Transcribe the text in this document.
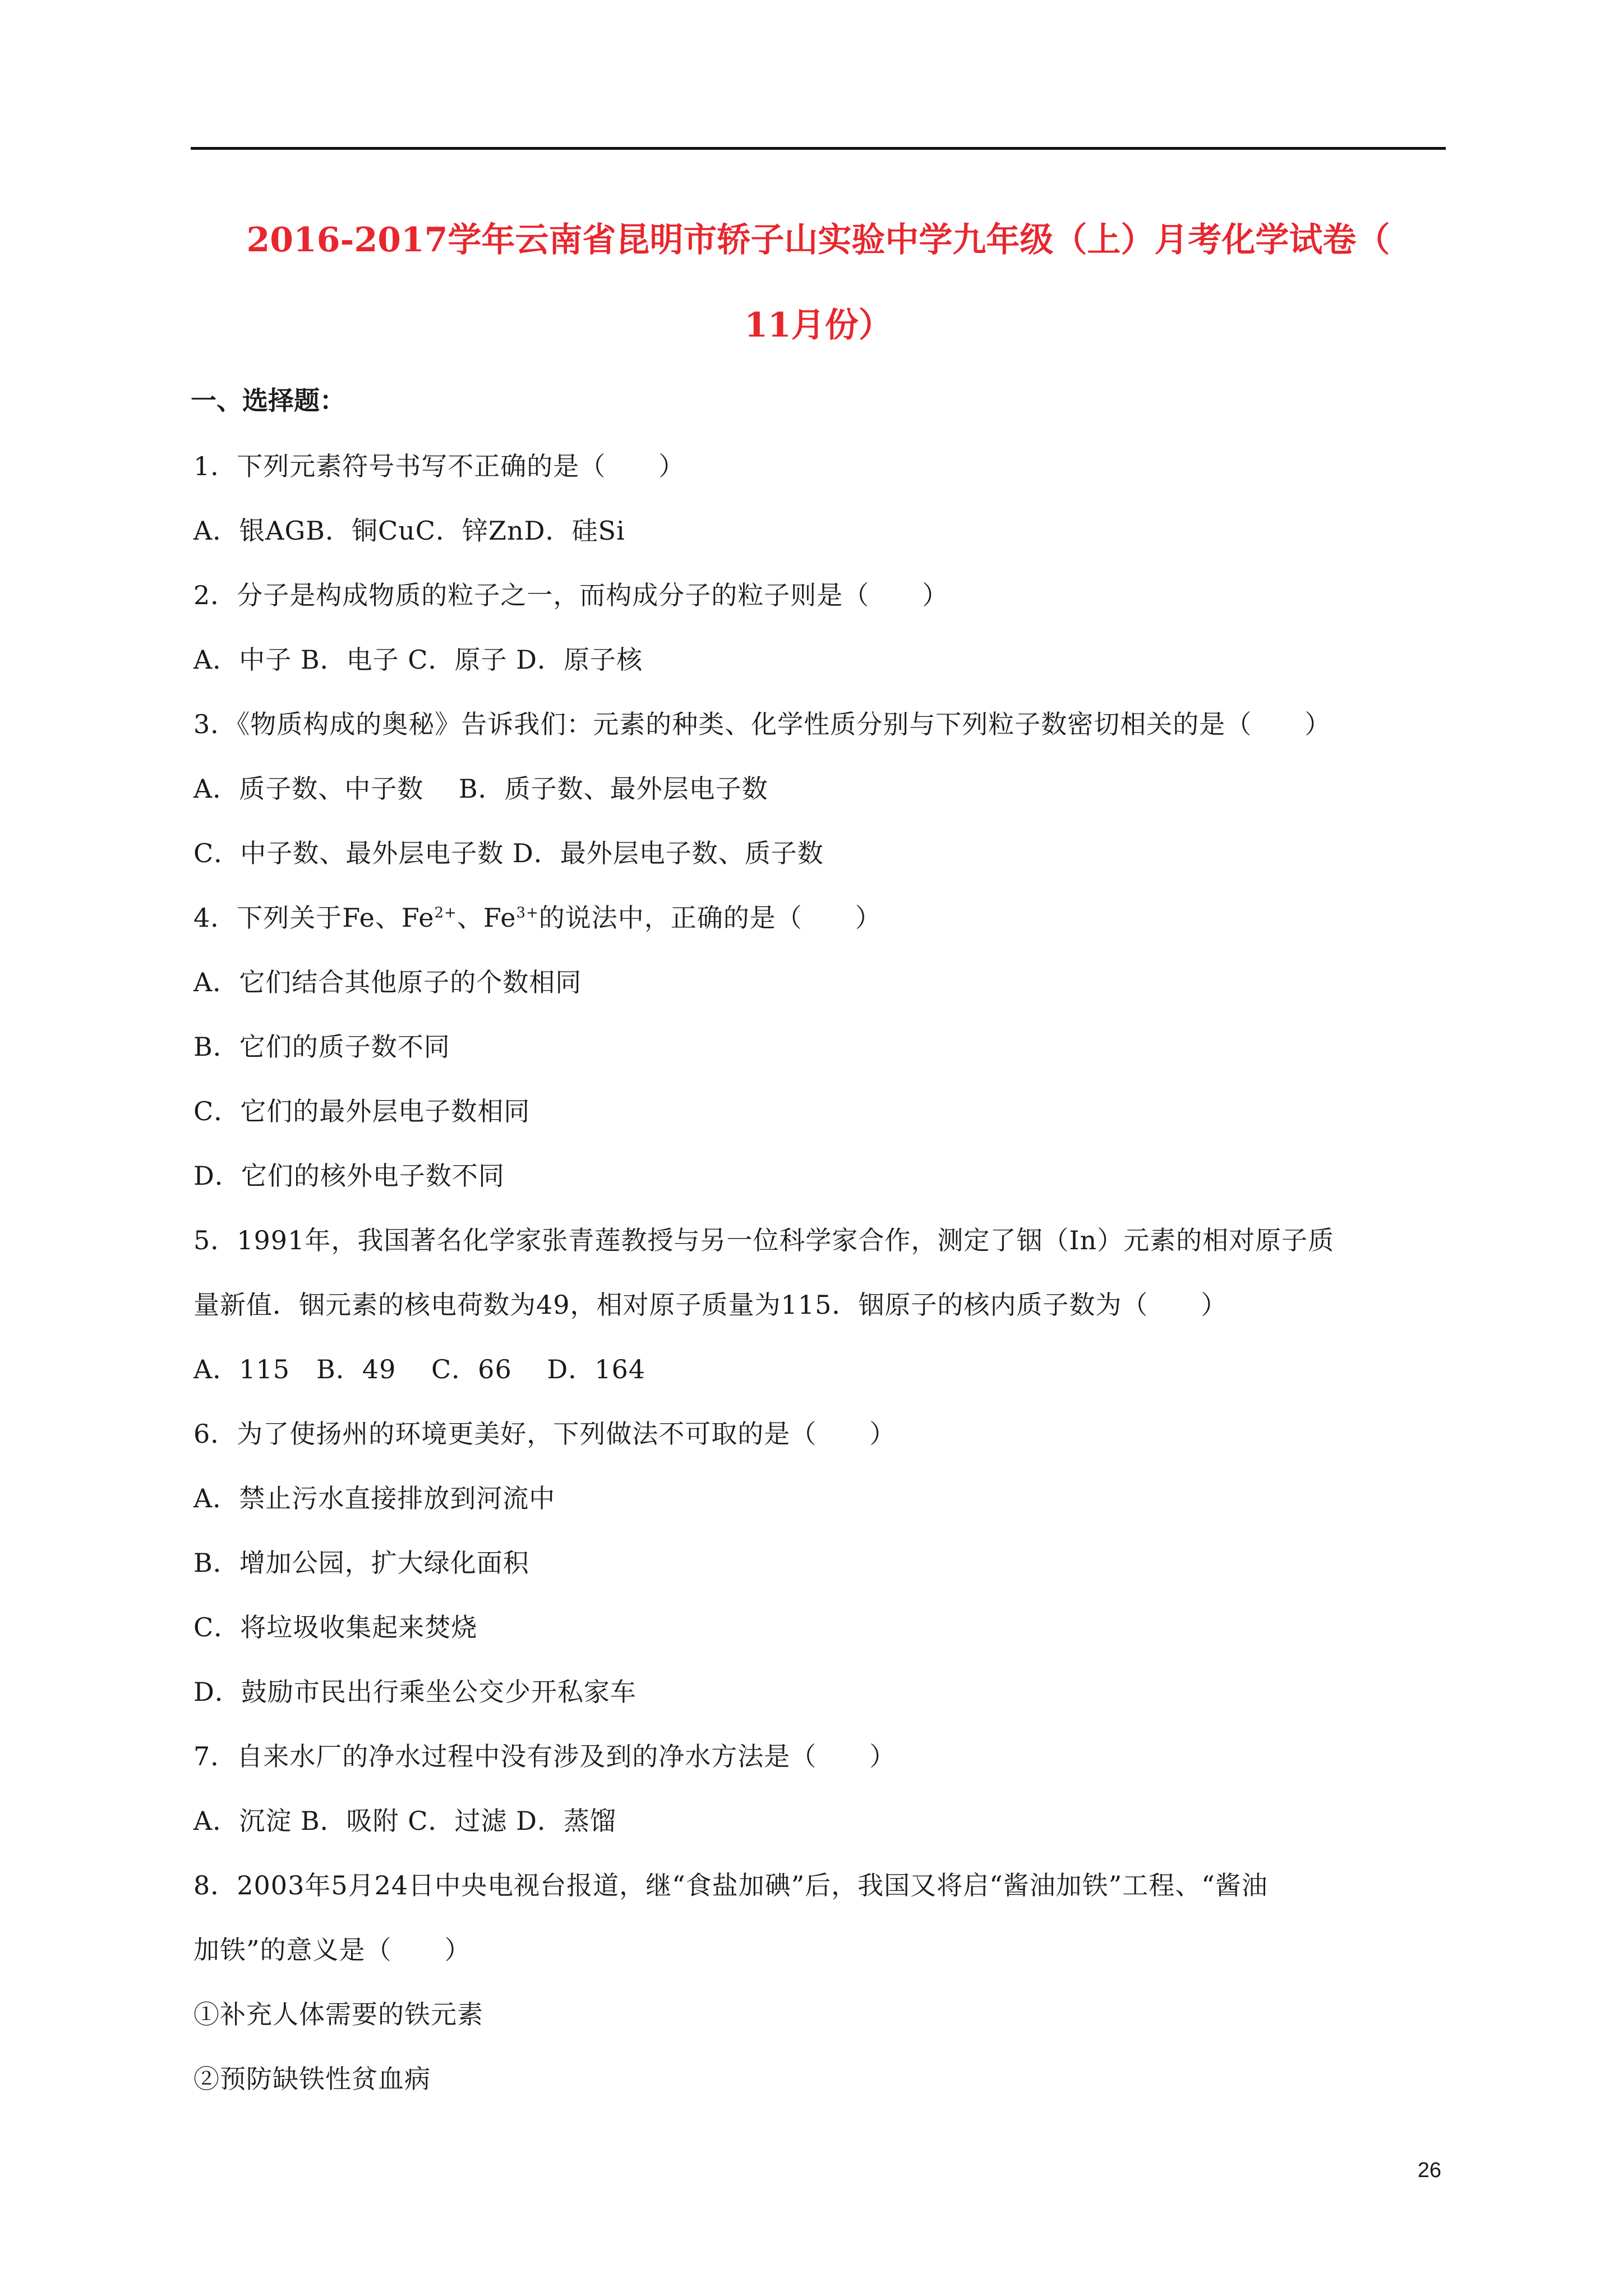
2016-2017学年云南省昆明市轿子山实验中学九年级（上）月考化学试卷（
11月份）
一、选择题：
1．下列元素符号书写不正确的是（　　）
A．银AGB．铜CuC．锌ZnD．硅Si
2．分子是构成物质的粒子之一，而构成分子的粒子则是（　　）
A．中子 B．电子 C．原子 D．原子核
3．《物质构成的奥秘》告诉我们：元素的种类、化学性质分别与下列粒子数密切相关的是（　　）
A．质子数、中子数　 B．质子数、最外层电子数
C．中子数、最外层电子数 D．最外层电子数、质子数
4．下列关于Fe、$Fe^{2+}$、$Fe^{3+}$的说法中，正确的是（　　）
A．它们结合其他原子的个数相同
B．它们的质子数不同
C．它们的最外层电子数相同
D．它们的核外电子数不同
5．1991年，我国著名化学家张青莲教授与另一位科学家合作，测定了铟（In）元素的相对原子质
量新值．铟元素的核电荷数为49，相对原子质量为115．铟原子的核内质子数为（　　）
A．115　B．49　 C．66　 D．164
6．为了使扬州的环境更美好，下列做法不可取的是（　　）
A．禁止污水直接排放到河流中
B．增加公园，扩大绿化面积
C．将垃圾收集起来焚烧
D．鼓励市民出行乘坐公交少开私家车
7．自来水厂的净水过程中没有涉及到的净水方法是（　　）
A．沉淀 B．吸附 C．过滤 D．蒸馏
8．2003年5月24日中央电视台报道，继“食盐加碘”后，我国又将启“酱油加铁”工程、“酱油
加铁”的意义是（　　）
①补充人体需要的铁元素
②预防缺铁性贫血病
26
